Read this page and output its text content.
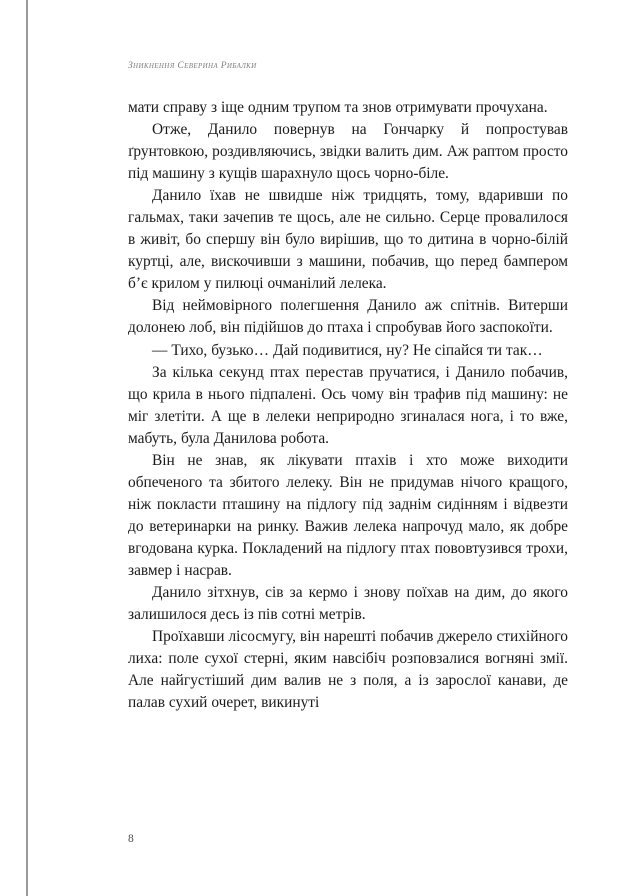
Зникнення Северина Рибалки

мати справу з іще одним трупом та знов отримувати прочухана.

Отже, Данило повернув на Гончарку й попростував ґрунтовкою, роздивляючись, звідки валить дим. Аж раптом просто під машину з кущів шарахнуло щось чорно-біле.

Данило їхав не швидше ніж тридцять, тому, вдаривши по гальмах, таки зачепив те щось, але не сильно. Серце провалилося в живіт, бо спершу він було вирішив, що то дитина в чорно-білій куртці, але, вискочивши з машини, побачив, що перед бампером б’є крилом у пилюці очманілий лелека.

Від неймовірного полегшення Данило аж спітнів. Витерши долонею лоб, він підійшов до птаха і спробував його заспокоїти.

— Тихо, бузько… Дай подивитися, ну? Не сіпайся ти так…

За кілька секунд птах перестав пручатися, і Данило побачив, що крила в нього підпалені. Ось чому він трафив під машину: не міг злетіти. А ще в лелеки неприродно згиналася нога, і то вже, мабуть, була Данилова робота.

Він не знав, як лікувати птахів і хто може виходити обпеченого та збитого лелеку. Він не придумав нічого кращого, ніж покласти пташину на підлогу під заднім сидінням і відвезти до ветеринарки на ринку. Важив лелека напрочуд мало, як добре вгодована курка. Покладений на підлогу птах пововтузився трохи, завмер і насрав.

Данило зітхнув, сів за кермо і знову поїхав на дим, до якого залишилося десь із пів сотні метрів.

Проїхавши лісосмугу, він нарешті побачив джерело стихійного лиха: поле сухої стерні, яким навсібіч розповзалися вогняні змії. Але найгустіший дим валив не з поля, а із зарослої канави, де палав сухий очерет, викинуті

8
